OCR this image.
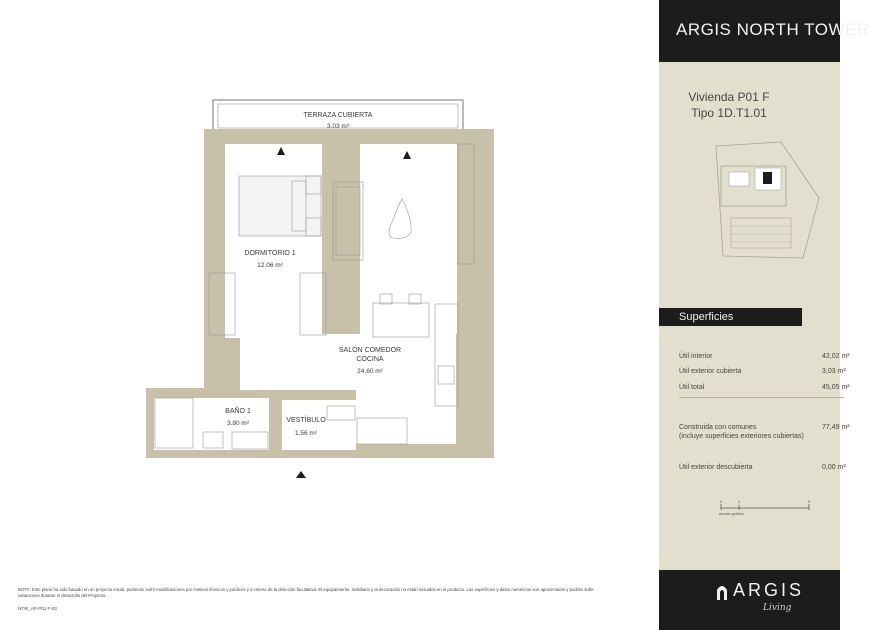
TERRAZA CUBIERTA
3.03 m²
DORMITORIO 1
12.06 m²
SALÓN COMEDOR
COCINA
24.60 m²
BAÑO 1
3.80 m²	VESTÍBULO
1.56 m²
NOTA: Este plano ha sido basado en un proyecto inicial, pudiendo sufrir modificaciones por motivos técnicos y jurídicos y a criterio de la dirección facultativa. El equipamiento, mobiliario y la decoración no están incluidos en el producto. Las superficies y datos numéricos son aproximados y podrán sufrir variaciones durante el desarrollo del Proyecto.
NTW_AP-P01 F-03
ARGIS NORTH TOWER
Vivienda P01 F
Tipo 1D.T1.01
Superficies
Útil interior	42,02 m²
Útil exterior cubierta	3,03 m²
Útil total	45,05 m²
Construida con comunes	77,49 m²
(incluye superficies exteriores cubiertas)
Útil exterior descubierta	0,00 m²
0	1	5
escala gráfica
ARGIS
Living
